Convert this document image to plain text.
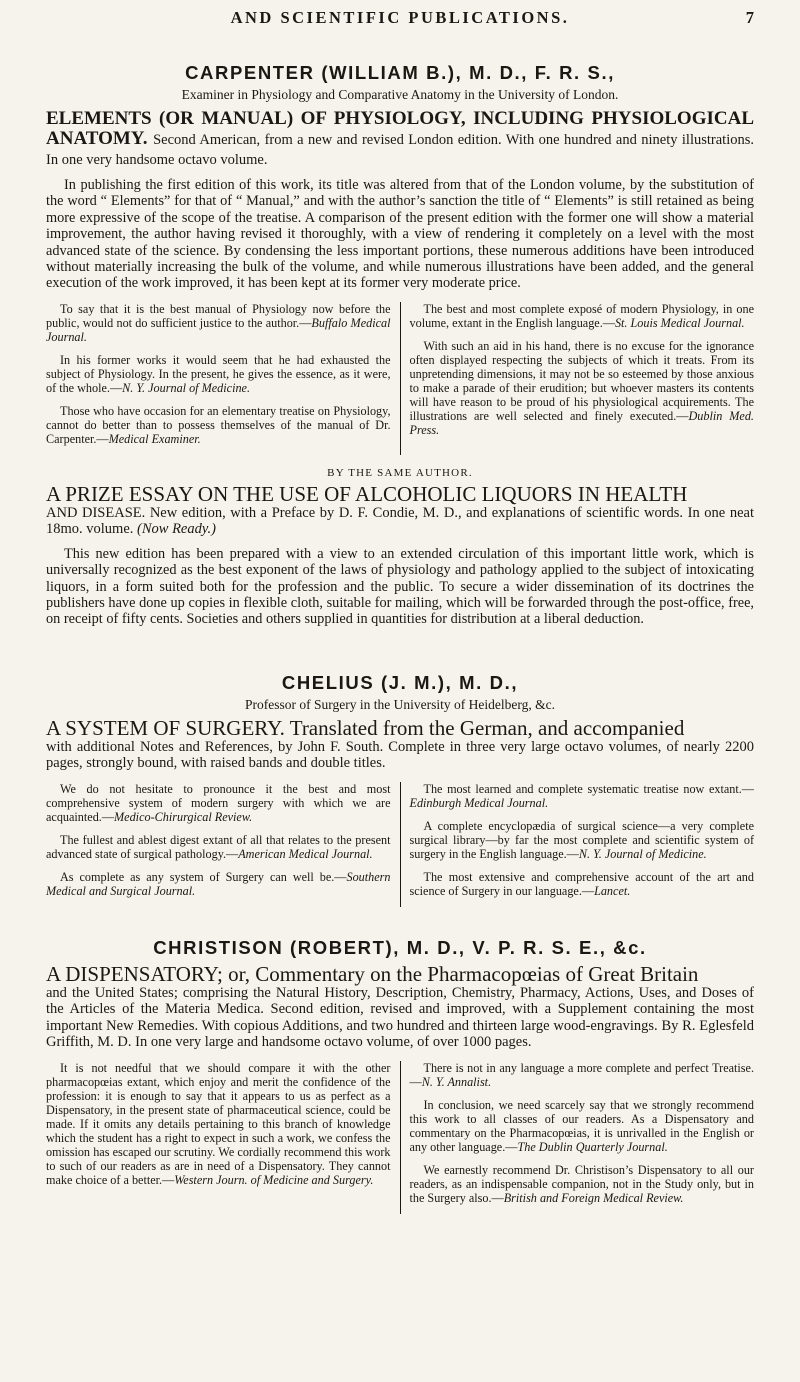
AND SCIENTIFIC PUBLICATIONS.	7
CARPENTER (WILLIAM B.), M. D., F. R. S.,
Examiner in Physiology and Comparative Anatomy in the University of London.
ELEMENTS (OR MANUAL) OF PHYSIOLOGY, INCLUDING PHYSIOLOGICAL ANATOMY. Second American, from a new and revised London edition. With one hundred and ninety illustrations. In one very handsome octavo volume.
In publishing the first edition of this work, its title was altered from that of the London volume, by the substitution of the word “ Elements” for that of “ Manual,” and with the author’s sanction the title of “ Elements” is still retained as being more expressive of the scope of the treatise. A comparison of the present edition with the former one will show a material improvement, the author having revised it thoroughly, with a view of rendering it completely on a level with the most advanced state of the science. By condensing the less important portions, these numerous additions have been introduced without materially increasing the bulk of the volume, and while numerous illustrations have been added, and the general execution of the work improved, it has been kept at its former very moderate price.

To say that it is the best manual of Physiology now before the public, would not do sufficient justice to the author.—Buffalo Medical Journal.

In his former works it would seem that he had exhausted the subject of Physiology. In the present, he gives the essence, as it were, of the whole.—N. Y. Journal of Medicine.

Those who have occasion for an elementary treatise on Physiology, cannot do better than to possess themselves of the manual of Dr. Carpenter.—Medical Examiner.

The best and most complete exposé of modern Physiology, in one volume, extant in the English language.—St. Louis Medical Journal.

With such an aid in his hand, there is no excuse for the ignorance often displayed respecting the subjects of which it treats. From its unpretending dimensions, it may not be so esteemed by those anxious to make a parade of their erudition; but whoever masters its contents will have reason to be proud of his physiological acquirements. The illustrations are well selected and finely executed.—Dublin Med. Press.

BY THE SAME AUTHOR.
A PRIZE ESSAY ON THE USE OF ALCOHOLIC LIQUORS IN HEALTH
AND DISEASE. New edition, with a Preface by D. F. Condie, M. D., and explanations of scientific words. In one neat 18mo. volume. (Now Ready.)
This new edition has been prepared with a view to an extended circulation of this important little work, which is universally recognized as the best exponent of the laws of physiology and pathology applied to the subject of intoxicating liquors, in a form suited both for the profession and the public. To secure a wider dissemination of its doctrines the publishers have done up copies in flexible cloth, suitable for mailing, which will be forwarded through the post-office, free, on receipt of fifty cents. Societies and others supplied in quantities for distribution at a liberal deduction.
CHELIUS (J. M.), M. D.,
Professor of Surgery in the University of Heidelberg, &c.
A SYSTEM OF SURGERY. Translated from the German, and accompanied
with additional Notes and References, by John F. South. Complete in three very large octavo volumes, of nearly 2200 pages, strongly bound, with raised bands and double titles.

We do not hesitate to pronounce it the best and most comprehensive system of modern surgery with which we are acquainted.—Medico-Chirurgical Review.

The fullest and ablest digest extant of all that relates to the present advanced state of surgical pathology.—American Medical Journal.

As complete as any system of Surgery can well be.—Southern Medical and Surgical Journal.

The most learned and complete systematic treatise now extant.—Edinburgh Medical Journal.

A complete encyclopædia of surgical science—a very complete surgical library—by far the most complete and scientific system of surgery in the English language.—N. Y. Journal of Medicine.

The most extensive and comprehensive account of the art and science of Surgery in our language.—Lancet.

CHRISTISON (ROBERT), M. D., V. P. R. S. E., &c.
A DISPENSATORY; or, Commentary on the Pharmacopœias of Great Britain
and the United States; comprising the Natural History, Description, Chemistry, Pharmacy, Actions, Uses, and Doses of the Articles of the Materia Medica. Second edition, revised and improved, with a Supplement containing the most important New Remedies. With copious Additions, and two hundred and thirteen large wood-engravings. By R. Eglesfeld Griffith, M. D. In one very large and handsome octavo volume, of over 1000 pages.

It is not needful that we should compare it with the other pharmacopœias extant, which enjoy and merit the confidence of the profession: it is enough to say that it appears to us as perfect as a Dispensatory, in the present state of pharmaceutical science, could be made. If it omits any details pertaining to this branch of knowledge which the student has a right to expect in such a work, we confess the omission has escaped our scrutiny. We cordially recommend this work to such of our readers as are in need of a Dispensatory. They cannot make choice of a better.—Western Journ. of Medicine and Surgery.

There is not in any language a more complete and perfect Treatise.—N. Y. Annalist.

In conclusion, we need scarcely say that we strongly recommend this work to all classes of our readers. As a Dispensatory and commentary on the Pharmacopœias, it is unrivalled in the English or any other language.—The Dublin Quarterly Journal.

We earnestly recommend Dr. Christison’s Dispensatory to all our readers, as an indispensable companion, not in the Study only, but in the Surgery also.—British and Foreign Medical Review.
